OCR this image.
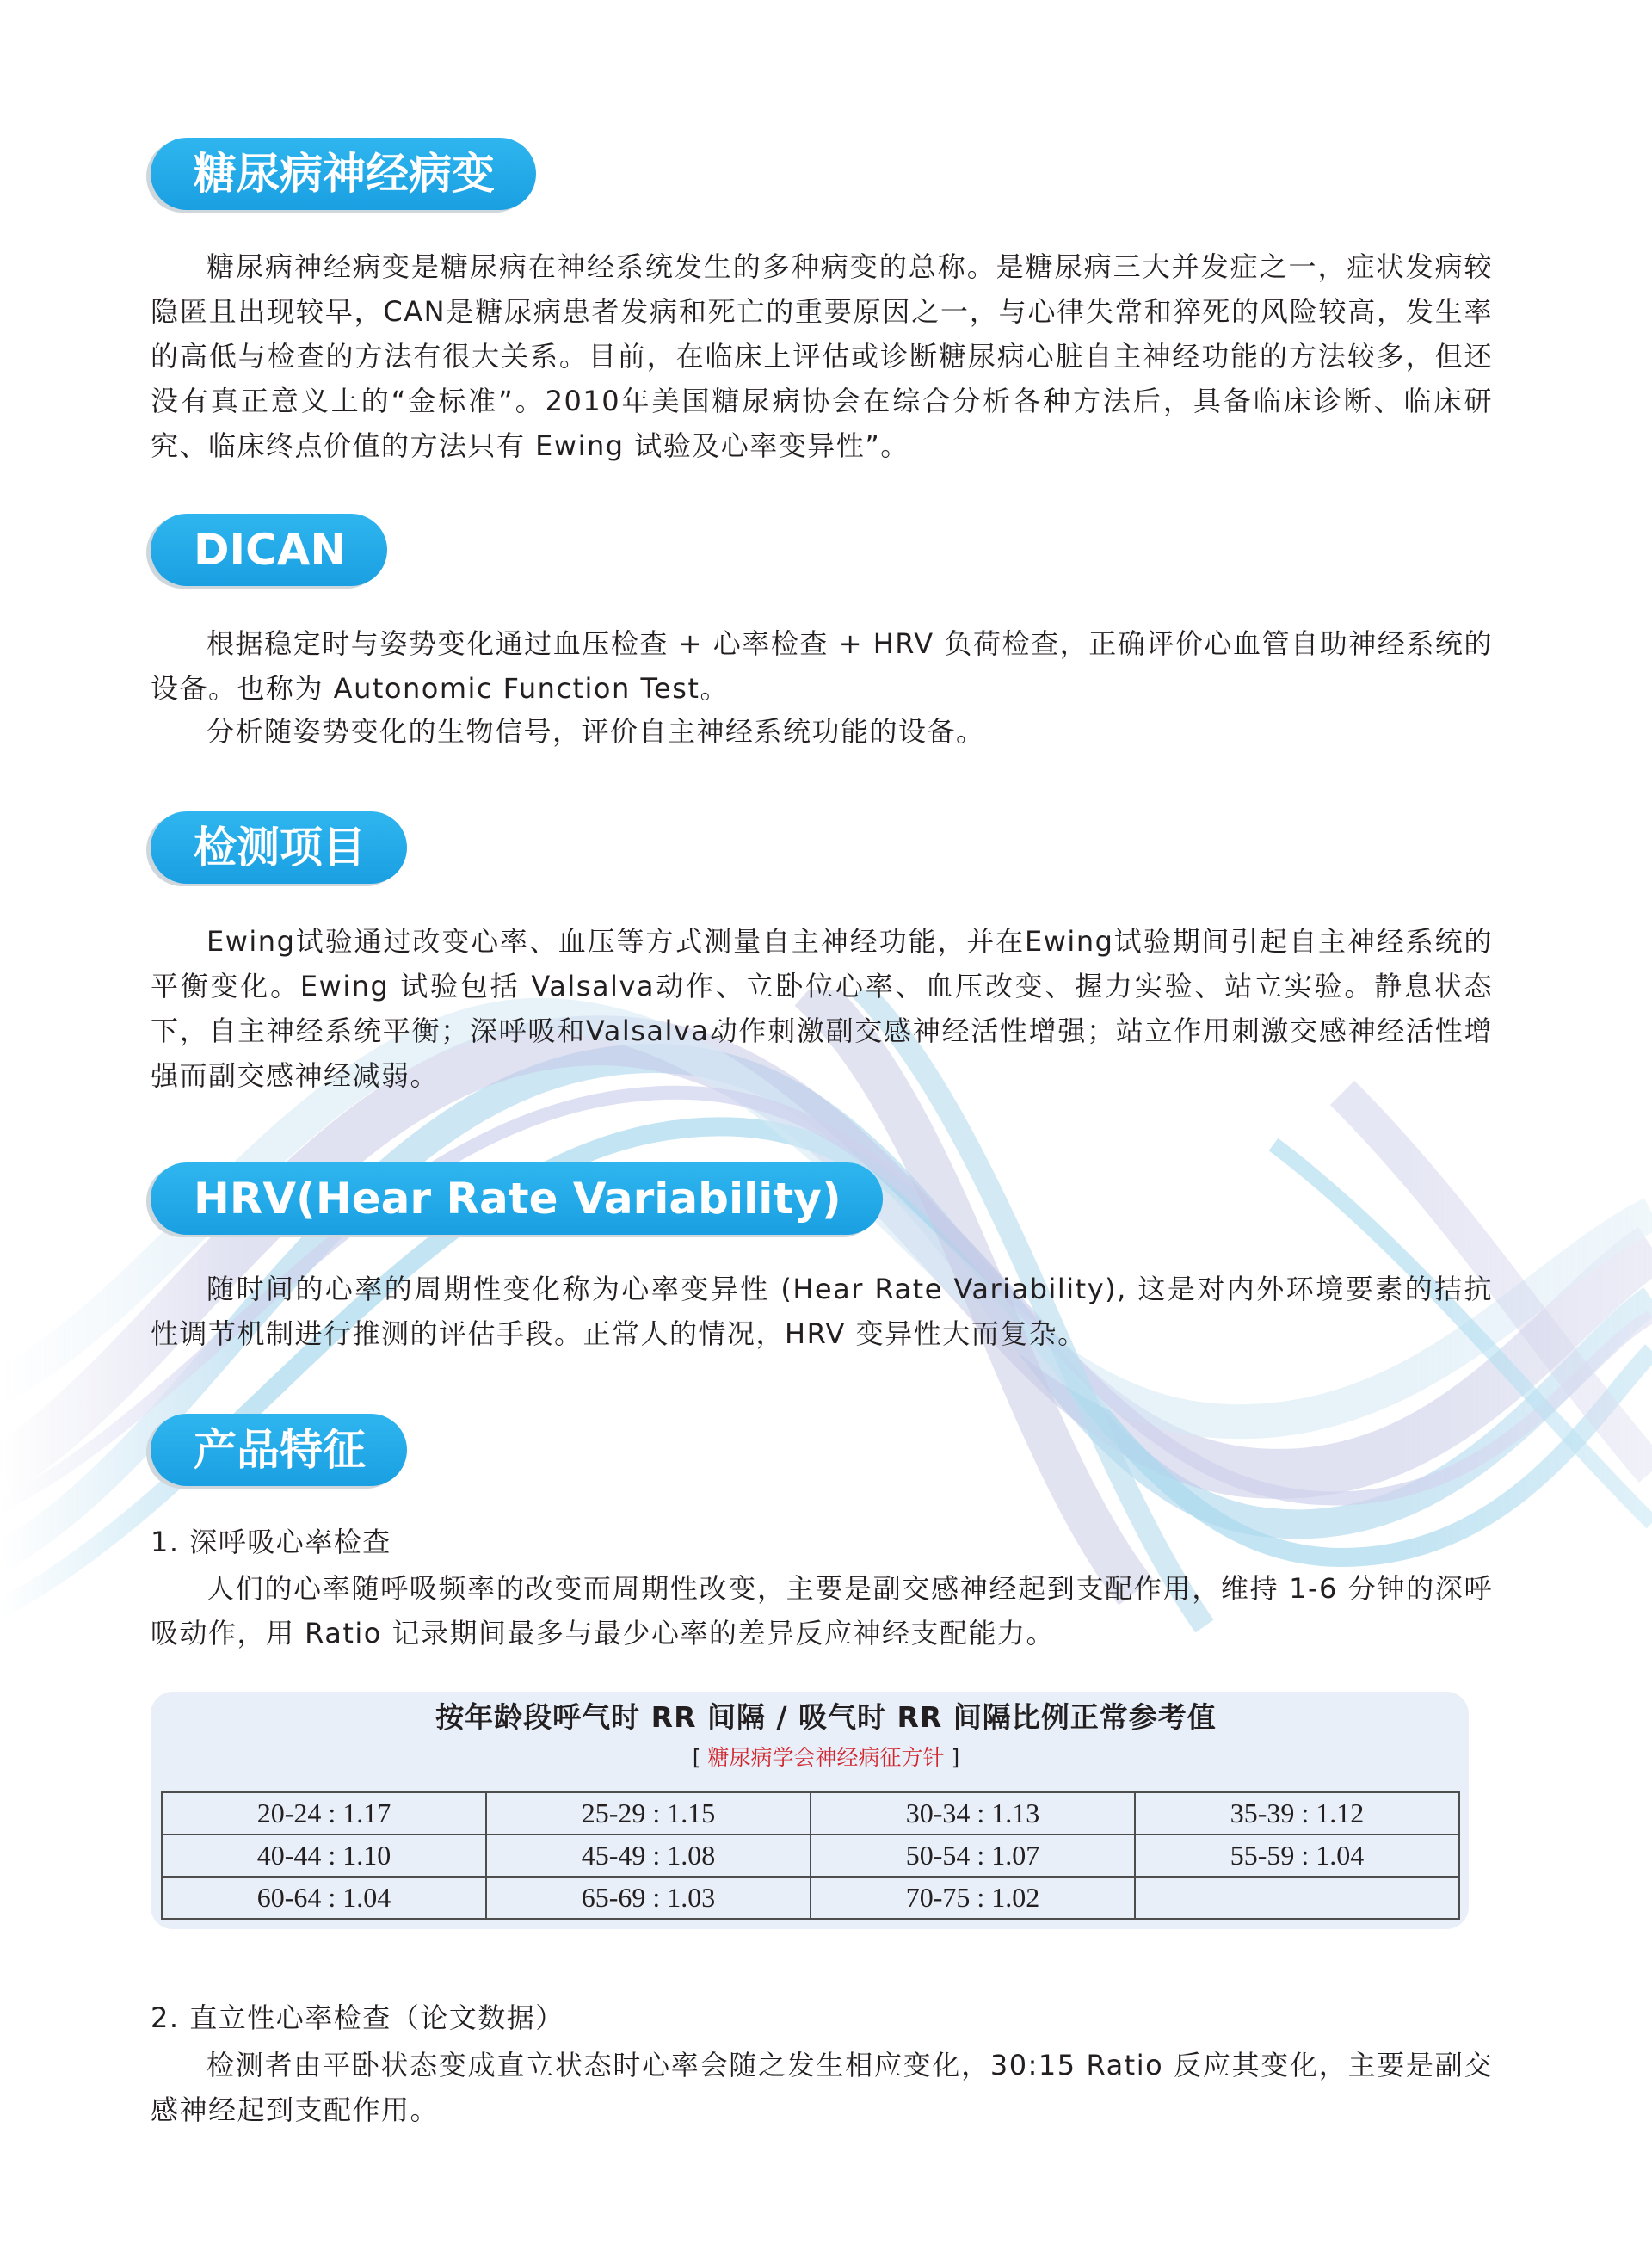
糖尿病神经病变

糖尿病神经病变是糖尿病在神经系统发生的多种病变的总称。是糖尿病三大并发症之一，症状发病较隐匿且出现较早，CAN是糖尿病患者发病和死亡的重要原因之一，与心律失常和猝死的风险较高，发生率的高低与检查的方法有很大关系。目前，在临床上评估或诊断糖尿病心脏自主神经功能的方法较多，但还没有真正意义上的“金标准”。2010年美国糖尿病协会在综合分析各种方法后，具备临床诊断、临床研究、临床终点价值的方法只有 Ewing 试验及心率变异性”。

DICAN

根据稳定时与姿势变化通过血压检查 + 心率检查 + HRV 负荷检查，正确评价心血管自助神经系统的设备。也称为 Autonomic Function Test。

分析随姿势变化的生物信号，评价自主神经系统功能的设备。

检测项目

Ewing试验通过改变心率、血压等方式测量自主神经功能，并在Ewing试验期间引起自主神经系统的平衡变化。Ewing 试验包括 Valsalva动作、立卧位心率、血压改变、握力实验、站立实验。静息状态下，自主神经系统平衡；深呼吸和Valsalva动作刺激副交感神经活性增强；站立作用刺激交感神经活性增强而副交感神经减弱。

HRV(Hear Rate Variability)

随时间的心率的周期性变化称为心率变异性 (Hear Rate Variability), 这是对内外环境要素的拮抗性调节机制进行推测的评估手段。正常人的情况，HRV 变异性大而复杂。

产品特征

1. 深呼吸心率检查

人们的心率随呼吸频率的改变而周期性改变，主要是副交感神经起到支配作用，维持 1-6 分钟的深呼吸动作，用 Ratio 记录期间最多与最少心率的差异反应神经支配能力。

按年龄段呼气时 RR 间隔 / 吸气时 RR 间隔比例正常参考值
[ 糖尿病学会神经病征方针 ]
20-24 : 1.17	25-29 : 1.15	30-34 : 1.13	35-39 : 1.12
40-44 : 1.10	45-49 : 1.08	50-54 : 1.07	55-59 : 1.04
60-64 : 1.04	65-69 : 1.03	70-75 : 1.02	

2. 直立性心率检查（论文数据）

检测者由平卧状态变成直立状态时心率会随之发生相应变化，30:15 Ratio 反应其变化，主要是副交感神经起到支配作用。
